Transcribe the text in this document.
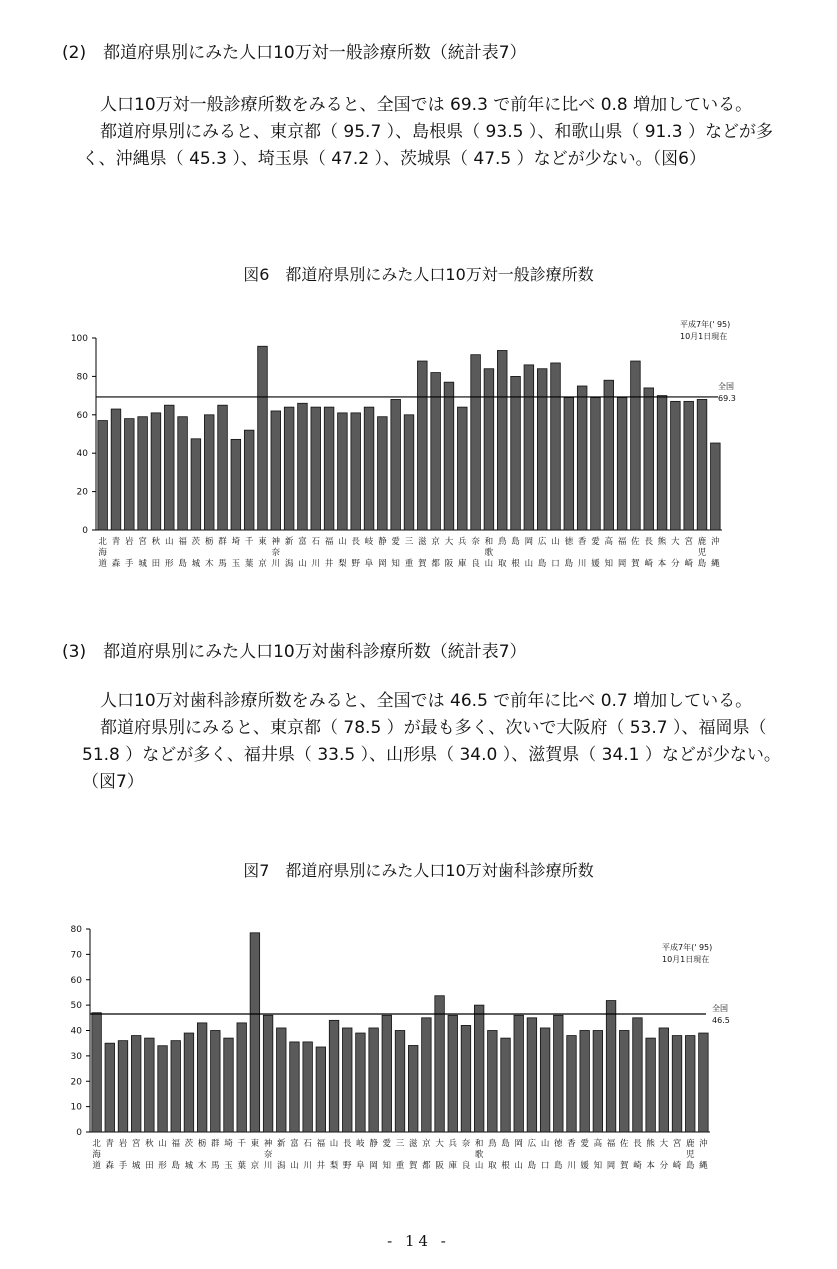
(2)　都道府県別にみた人口10万対一般診療所数（統計表7）

人口10万対一般診療所数をみると、全国では 69.3 で前年に比べ 0.8 増加している。

都道府県別にみると、東京都（ 95.7 ）、島根県（ 93.5 ）、和歌山県（ 91.3 ）などが多く、沖縄県（ 45.3 ）、埼玉県（ 47.2 ）、茨城県（ 47.5 ）などが少ない。（図6）

図6　都道府県別にみた人口10万対一般診療所数
0
20
40
60
80
100
北海道
青森
岩手
宮城
秋田
山形
福島
茨城
栃木
群馬
埼玉
千葉
東京
神奈川
新潟
富山
石川
福井
山梨
長野
岐阜
静岡
愛知
三重
滋賀
京都
大阪
兵庫
奈良
和歌山
鳥取
島根
岡山
広島
山口
徳島
香川
愛媛
高知
福岡
佐賀
長崎
熊本
大分
宮崎
鹿児島
沖縄
平成7年(' 95)
10月1日現在
全国
69.3
(3)　都道府県別にみた人口10万対歯科診療所数（統計表7）

人口10万対歯科診療所数をみると、全国では 46.5 で前年に比べ 0.7 増加している。

都道府県別にみると、東京都（ 78.5 ）が最も多く、次いで大阪府（ 53.7 ）、福岡県（ 51.8 ）などが多く、福井県（ 33.5 ）、山形県（ 34.0 ）、滋賀県（ 34.1 ）などが少ない。（図7）

図7　都道府県別にみた人口10万対歯科診療所数
0
10
20
30
40
50
60
70
80
北海道
青森
岩手
宮城
秋田
山形
福島
茨城
栃木
群馬
埼玉
千葉
東京
神奈川
新潟
富山
石川
福井
山梨
長野
岐阜
静岡
愛知
三重
滋賀
京都
大阪
兵庫
奈良
和歌山
鳥取
島根
岡山
広島
山口
徳島
香川
愛媛
高知
福岡
佐賀
長崎
熊本
大分
宮崎
鹿児島
沖縄
平成7年(' 95)
10月1日現在
全国
46.5
- 14 -
